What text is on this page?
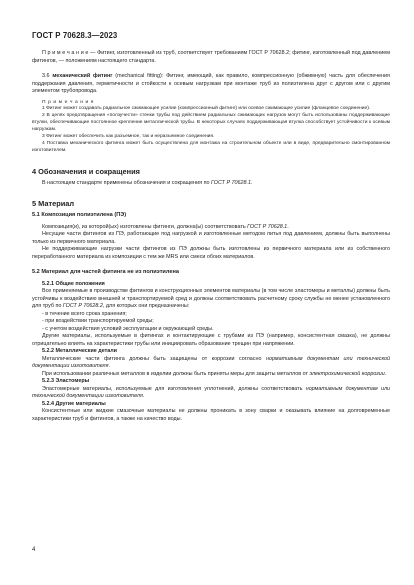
ГОСТ Р 70628.3—2023

П р и м е ч а н и е — Фитинг, изготовленный из труб, соответствует требованиям ГОСТ Р 70628.2; фитинг, изготовленный под давлением фитингов, — положениям настоящего стандарта.

3.6 механический фитинг (mechanical fitting): Фитинг, имеющий, как правило, компрессионную (обжимную) часть для обеспечения поддержания давления, герметичности и стойкости к осевым нагрузкам при монтаже труб из полиэтилена друг с другом или с другим элементом трубопровода.

П р и м е ч а н и я

1 Фитинг может создавать радиальное сжимающее усилие (компрессионный фитинг) или осевое сжимающее усилие (фланцевое соединение).

2 В целях предотвращения «ползучести» стенки трубы под действием радиальных сжимающих нагрузок могут быть использованы поддерживающие втулки, обеспечивающие постоянное крепление металлической трубы. В некоторых случаях поддерживающая втулка способствует устойчивости к осевым нагрузкам.

3 Фитинг может обеспечить как разъемное, так и неразъемное соединения.

4 Поставка механического фитинга может быть осуществлена для монтажа на строительном объекте или в виде, предварительно смонтированном изготовителем.

4 Обозначения и сокращения

В настоящем стандарте применены обозначения и сокращения по ГОСТ Р 70628.1.

5 Материал

5.1 Композиция полиэтилена (ПЭ)

Композиция(и), из которой(ых) изготовлены фитинги, должна(ы) соответствовать ГОСТ Р 70628.1.

Несущие части фитингов из ПЭ, работающие под нагрузкой и изготовленные методом литья под давлением, должны быть выполнены только из первичного материала.

Не поддерживающие нагрузки части фитингов из ПЭ должны быть изготовлены из первичного материала или из собственного переработанного материала из композиции с тем же MRS или смеси обоих материалов.

5.2 Материал для частей фитинга не из полиэтилена

5.2.1 Общие положения

Все применяемые в производстве фитингов и конструкционных элементов материалы (в том числе эластомеры и металлы) должны быть устойчивы к воздействию внешней и транспортируемой сред и должны соответствовать расчетному сроку службы не менее установленного для труб по ГОСТ Р 70628.2, для которых они предназначены:

- в течение всего срока хранения;

- при воздействии транспортируемой среды;

- с учетом воздействия условий эксплуатации и окружающей среды.

Другие материалы, используемые в фитингах и контактирующие с трубами из ПЭ (например, консистентная смазка), не должны отрицательно влиять на характеристики трубы или инициировать образование трещин при напряжении.

5.2.2 Металлические детали

Металлические части фитинга должны быть защищены от коррозии согласно нормативным документам или технической документации изготовителя.

При использовании различных металлов в изделии должны быть приняты меры для защиты металлов от электрохимической коррозии.

5.2.3 Эластомеры

Эластомерные материалы, используемые для изготовления уплотнений, должны соответствовать нормативным документам или технической документации изготовителя.

5.2.4 Другие материалы

Консистентные или жидкие смазочные материалы не должны проникать в зону сварки и оказывать влияние на долговременные характеристики труб и фитингов, а также на качество воды.

4
